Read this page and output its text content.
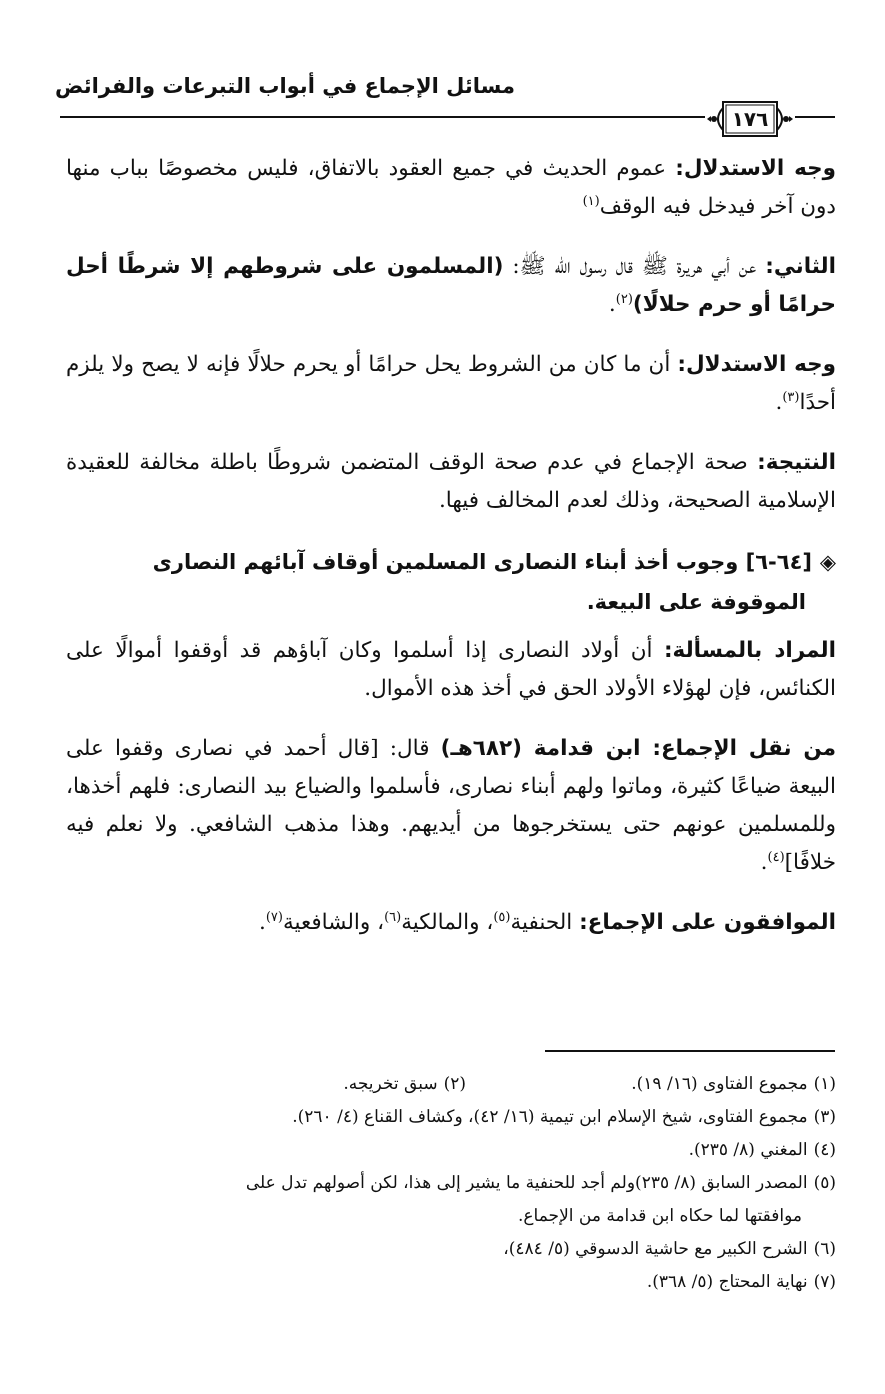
مسائل الإجماع في أبواب التبرعات والفرائض
١٧٦

وجه الاستدلال: عموم الحديث في جميع العقود بالاتفاق، فليس مخصوصًا بباب منها دون آخر فيدخل فيه الوقف$^{(١)}$

الثاني: عن أبي هريرة ﷺ قال رسول الله ﷺ: (المسلمون على شروطهم إلا شرطًا أحل حرامًا أو حرم حلالًا)$^{(٢)}$.

وجه الاستدلال: أن ما كان من الشروط يحل حرامًا أو يحرم حلالًا فإنه لا يصح ولا يلزم أحدًا$^{(٣)}$.

النتيجة: صحة الإجماع في عدم صحة الوقف المتضمن شروطًا باطلة مخالفة للعقيدة الإسلامية الصحيحة، وذلك لعدم المخالف فيها.

◈[٦٤-٦] وجوب أخذ أبناء النصارى المسلمين أوقاف آبائهم النصارى
الموقوفة على البيعة.

المراد بالمسألة: أن أولاد النصارى إذا أسلموا وكان آباؤهم قد أوقفوا أموالًا على الكنائس، فإن لهؤلاء الأولاد الحق في أخذ هذه الأموال.

من نقل الإجماع: ابن قدامة (٦٨٢هـ) قال: [قال أحمد في نصارى وقفوا على البيعة ضياعًا كثيرة، وماتوا ولهم أبناء نصارى، فأسلموا والضياع بيد النصارى: فلهم أخذها، وللمسلمين عونهم حتى يستخرجوها من أيديهم. وهذا مذهب الشافعي. ولا نعلم فيه خلافًا]$^{(٤)}$.

الموافقون على الإجماع: الحنفية$^{(٥)}$، والمالكية$^{(٦)}$، والشافعية$^{(٧)}$.

(١)مجموع الفتاوى (١٦/ ١٩).
(٢)سبق تخريجه.
(٣)مجموع الفتاوى، شيخ الإسلام ابن تيمية (١٦/ ٤٢)، وكشاف القناع (٤/ ٢٦٠).
(٤)المغني (٨/ ٢٣٥).
(٥)المصدر السابق (٨/ ٢٣٥)ولم أجد للحنفية ما يشير إلى هذا، لكن أصولهم تدل على
موافقتها لما حكاه ابن قدامة من الإجماع.
(٦)الشرح الكبير مع حاشية الدسوقي (٥/ ٤٨٤)،
(٧)نهاية المحتاج (٥/ ٣٦٨).
